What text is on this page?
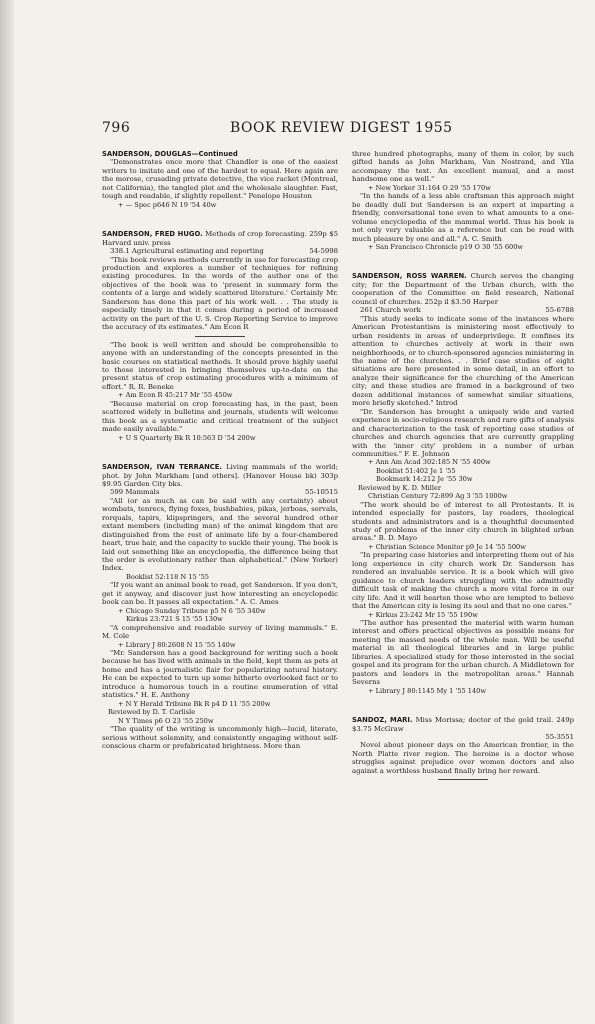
796	BOOK REVIEW DIGEST 1955

SANDERSON, DOUGLAS—Continued

"Demonstrates once more that Chandler is one of the easiest writers to imitate and one of the hardest to equal. Here again are the morose, crusading private detective, the vice racket (Montreal, not California), the tangled plot and the wholesale slaughter. Fast, tough and readable, if slightly repellent." Penelope Houston

+ — Spec p646 N 19 '54 40w

SANDERSON, FRED HUGO. Methods of crop forecasting. 259p $5 Harvard univ. press

338.1 Agricultural estimating and reporting	54-5998

"This book reviews methods currently in use for forecasting crop production and explores a number of techniques for refining existing procedures. In the words of the author one of the objectives of the book was to 'present in summary form the contents of a large and widely scattered literature.' Certainly Mr. Sanderson has done this part of his work well. . . The study is especially timely in that it comes during a period of increased activity on the part of the U. S. Crop Reporting Service to improve the accuracy of its estimates." Am Econ R

"The book is well written and should be comprehensible to anyone with an understanding of the concepts presented in the basic courses on statistical methods. It should prove highly useful to those interested in bringing themselves up-to-date on the present status of crop estimating procedures with a minimum of effort." R. R. Beneke

+ Am Econ R 45:217 Mr '55 450w

"Because material on crop forecasting has, in the past, been scattered widely in bulletins and journals, students will welcome this book as a systematic and critical treatment of the subject made easily available."

+ U S Quarterly Bk R 10:563 D '54 200w

SANDERSON, IVAN TERRANCE. Living mammals of the world; phot. by John Markham [and others]. (Hanover House bk) 303p $9.95 Garden City bks.

599 Mammals	55-10515

"All (or as much as can be said with any certainty) about wombats, tenrecs, flying foxes, bushbabies, pikas, jerboas, servals, rorquals, tapirs, klipspringers, and the several hundred other extant members (including man) of the animal kingdom that are distinguished from the rest of animate life by a four-chambered heart, true hair, and the capacity to suckle their young. The book is laid out something like an encyclopedia, the difference being that the order is evolutionary rather than alphabetical." (New Yorker) Index.

Booklist 52:118 N 15 '55

"If you want an animal book to read, get Sanderson. If you don't, get it anyway, and discover just how interesting an encyclopedic book can be. It passes all expectation." A. C. Ames

+ Chicago Sunday Tribune p5 N 6 '55 340w

Kirkus 23:721 S 15 '55 130w

"A comprehensive and readable survey of living mammals." E. M. Cole

+ Library J 80:2608 N 15 '55 140w

"Mr. Sanderson has a good background for writing such a book because he has lived with animals in the field, kept them as pets at home and has a journalistic flair for popularizing natural history. He can be expected to turn up some hitherto overlooked fact or to introduce a humorous touch in a routine enumeration of vital statistics." H. E. Anthony

+ N Y Herald Tribune Bk R p4 D 11 '55 200w

Reviewed by D. T. Carlisle

N Y Times p6 O 23 '55 250w

"The quality of the writing is uncommonly high—lucid, literate, serious without solemnity, and consistently engaging without self-conscious charm or prefabricated brightness. More than

three hundred photographs, many of them in color, by such gifted hands as John Markham, Van Nostrand, and Ylla accompany the text. An excellent manual, and a most handsome one as well."

+ New Yorker 31:164 O 29 '55 170w

"In the hands of a less able craftsman this approach might be deadly dull but Sanderson is an expert at imparting a friendly, conversational tone even to what amounts to a one-volume encyclopedia of the mammal world. Thus his book is not only very valuable as a reference but can be read with much pleasure by one and all." A. C. Smith

+ San Francisco Chronicle p19 O 30 '55 600w

SANDERSON, ROSS WARREN. Church serves the changing city; for the Department of the Urban church, with the cooperation of the Committee on field research, National council of churches. 252p il $3.50 Harper

261 Church work	55-6788

"This study seeks to indicate some of the instances where American Protestantism is ministering most effectively to urban residents in areas of underprivilege. It confines its attention to churches actively at work in their own neighborhoods, or to church-sponsored agencies ministering in the name of the churches. . . Brief case studies of eight situations are here presented in some detail, in an effort to analyze their significance for the churching of the American city; and these studies are framed in a background of two dozen additional instances of somewhat similar situations, more briefly sketched." Introd

"Dr. Sanderson has brought a uniquely wide and varied experience in socio-religious research and rare gifts of analysis and characterization to the task of reporting case studies of churches and church agencies that are currently grappling with the 'inner city' problem in a number of urban communities." F. E. Johnson

+ Ann Am Acad 302:185 N '55 400w

Booklist 51:402 Je 1 '55

Bookmark 14:212 Je '55 30w

Reviewed by K. D. Miller

Christian Century 72:899 Ag 3 '55 1000w

"The work should be of interest to all Protestants. It is intended especially for pastors, lay readers, theological students and administrators and is a thoughtful documented study of problems of the inner city church in blighted urban areas." B. D. Mayo

+ Christian Science Monitor p9 Je 14 '55 500w

"In preparing case histories and interpreting them out of his long experience in city church work Dr. Sanderson has rendered an invaluable service. It is a book which will give guidance to church leaders struggling with the admittedly difficult task of making the church a more vital force in our city life. And it will hearten those who are tempted to believe that the American city is losing its soul and that no one cares."

+ Kirkus 23:242 Mr 15 '55 190w

"The author has presented the material with warm human interest and offers practical objectives as possible means for meeting the massed needs of the whole man. Will be useful material in all theological libraries and in large public libraries. A specialized study for those interested in the social gospel and its program for the urban church. A Middletown for pastors and leaders in the metropolitan areas." Hannah Severns

+ Library J 80:1145 My 1 '55 140w

SANDOZ, MARI. Miss Morissa; doctor of the gold trail. 249p $3.75 McGraw

55-3551

Novel about pioneer days on the American frontier, in the North Platte river region. The heroine is a doctor whose struggles against prejudice over women doctors and also against a worthless husband finally bring her reward.
